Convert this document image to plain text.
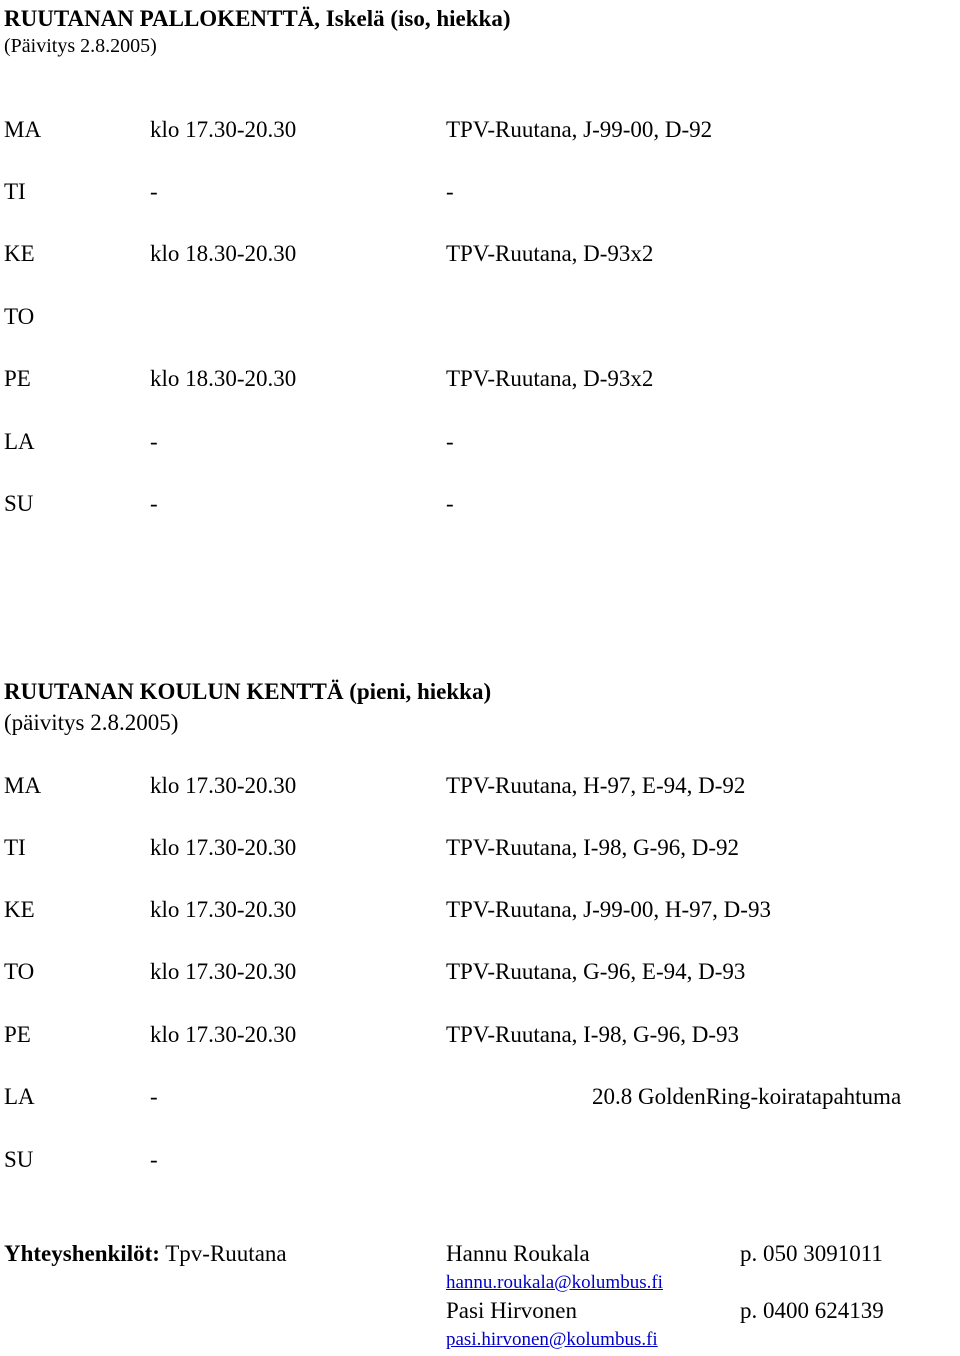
RUUTANAN PALLOKENTTÄ, Iskelä (iso, hiekka)
(Päivitys 2.8.2005)
MA	klo 17.30-20.30	TPV-Ruutana, J-99-00, D-92
TI	-	-
KE	klo 18.30-20.30	TPV-Ruutana, D-93x2
TO
PE	klo 18.30-20.30	TPV-Ruutana, D-93x2
LA	-	-
SU	-	-
RUUTANAN KOULUN KENTTÄ (pieni, hiekka)
(päivitys 2.8.2005)
MA	klo 17.30-20.30	TPV-Ruutana, H-97, E-94, D-92
TI	klo 17.30-20.30	TPV-Ruutana, I-98, G-96, D-92
KE	klo 17.30-20.30	TPV-Ruutana, J-99-00, H-97, D-93
TO	klo 17.30-20.30	TPV-Ruutana, G-96, E-94, D-93
PE	klo 17.30-20.30	TPV-Ruutana, I-98, G-96, D-93
LA	-	20.8 GoldenRing-koiratapahtuma
SU	-
Yhteyshenkilöt: Tpv-Ruutana	Hannu Roukala	p. 050 3091011
hannu.roukala@kolumbus.fi
Pasi Hirvonen	p. 0400 624139
pasi.hirvonen@kolumbus.fi
